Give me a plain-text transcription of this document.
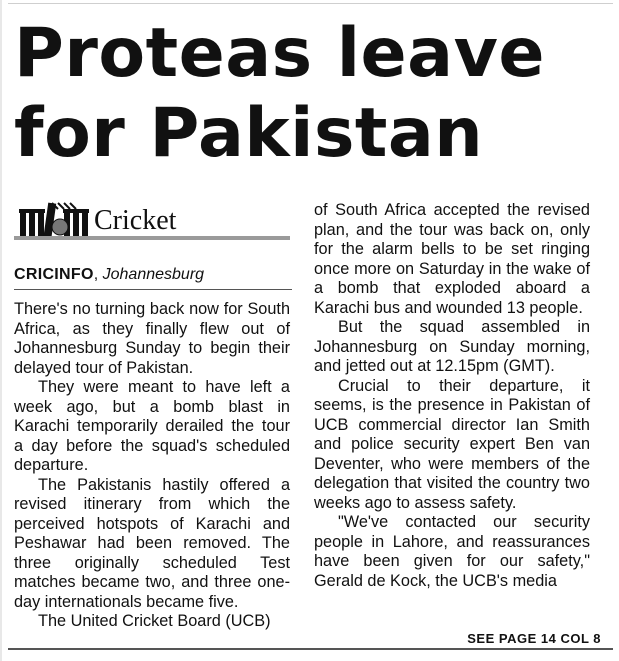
Proteas leave for Pakistan
Cricket
CRICINFO, Johannesburg

There's no turning back now for South Africa, as they finally flew out of Johannesburg Sunday to begin their delayed tour of Pakistan.

They were meant to have left a week ago, but a bomb blast in Karachi temporarily derailed the tour a day before the squad's scheduled departure.

The Pakistanis hastily offered a revised itinerary from which the perceived hotspots of Karachi and Peshawar had been removed. The three originally scheduled Test matches became two, and three one-day internationals became five.

The United Cricket Board (UCB)

of South Africa accepted the revised plan, and the tour was back on, only for the alarm bells to be set ringing once more on Saturday in the wake of a bomb that exploded aboard a Karachi bus and wounded 13 people.

But the squad assembled in Johannesburg on Sunday morning, and jetted out at 12.15pm (GMT).

Crucial to their departure, it seems, is the presence in Pakistan of UCB commercial director Ian Smith and police security expert Ben van Deventer, who were members of the delegation that visited the country two weeks ago to assess safety.

"We've contacted our security people in Lahore, and reassurances have been given for our safety," Gerald de Kock, the UCB's media

SEE PAGE 14 COL 8
